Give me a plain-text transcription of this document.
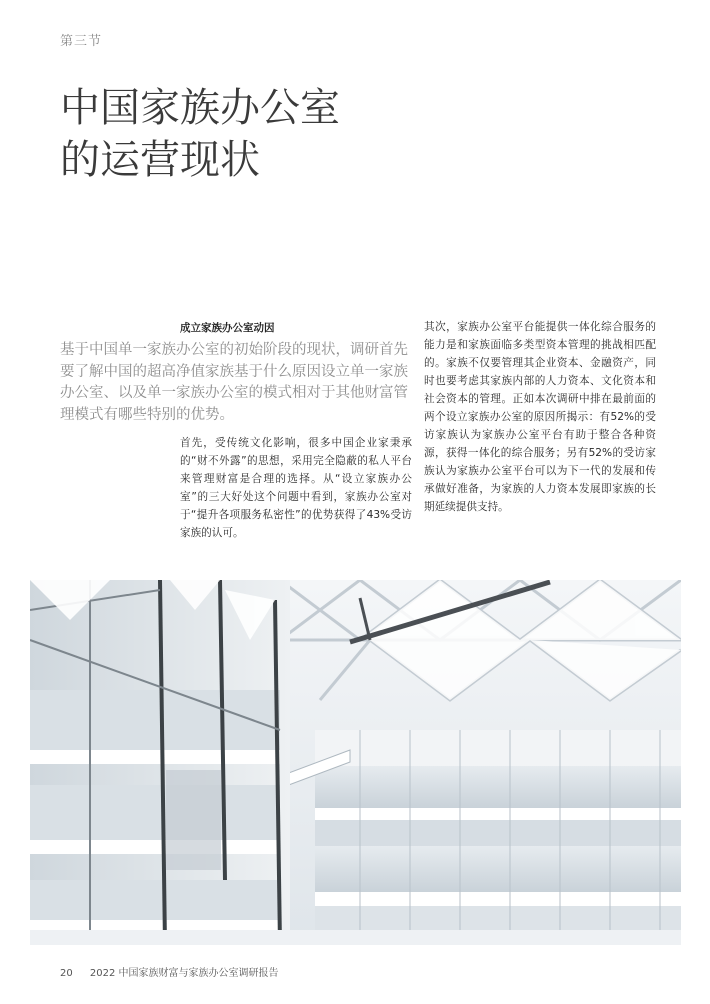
第三节
中国家族办公室
的运营现状
成立家族办公室动因

基于中国单一家族办公室的初始阶段的现状，调研首先要了解中国的超高净值家族基于什么原因设立单一家族办公室、以及单一家族办公室的模式相对于其他财富管理模式有哪些特别的优势。

首先，受传统文化影响，很多中国企业家秉承的“财不外露”的思想，采用完全隐蔽的私人平台来管理财富是合理的选择。从“设立家族办公室”的三大好处这个问题中看到，家族办公室对于“提升各项服务私密性”的优势获得了43%受访家族的认可。

其次，家族办公室平台能提供一体化综合服务的能力是和家族面临多类型资本管理的挑战相匹配的。家族不仅要管理其企业资本、金融资产，同时也要考虑其家族内部的人力资本、文化资本和社会资本的管理。正如本次调研中排在最前面的两个设立家族办公室的原因所揭示：有52%的受访家族认为家族办公室平台有助于整合各种资源，获得一体化的综合服务；另有52%的受访家族认为家族办公室平台可以为下一代的发展和传承做好准备，为家族的人力资本发展即家族的长期延续提供支持。

20 2022 中国家族财富与家族办公室调研报告
